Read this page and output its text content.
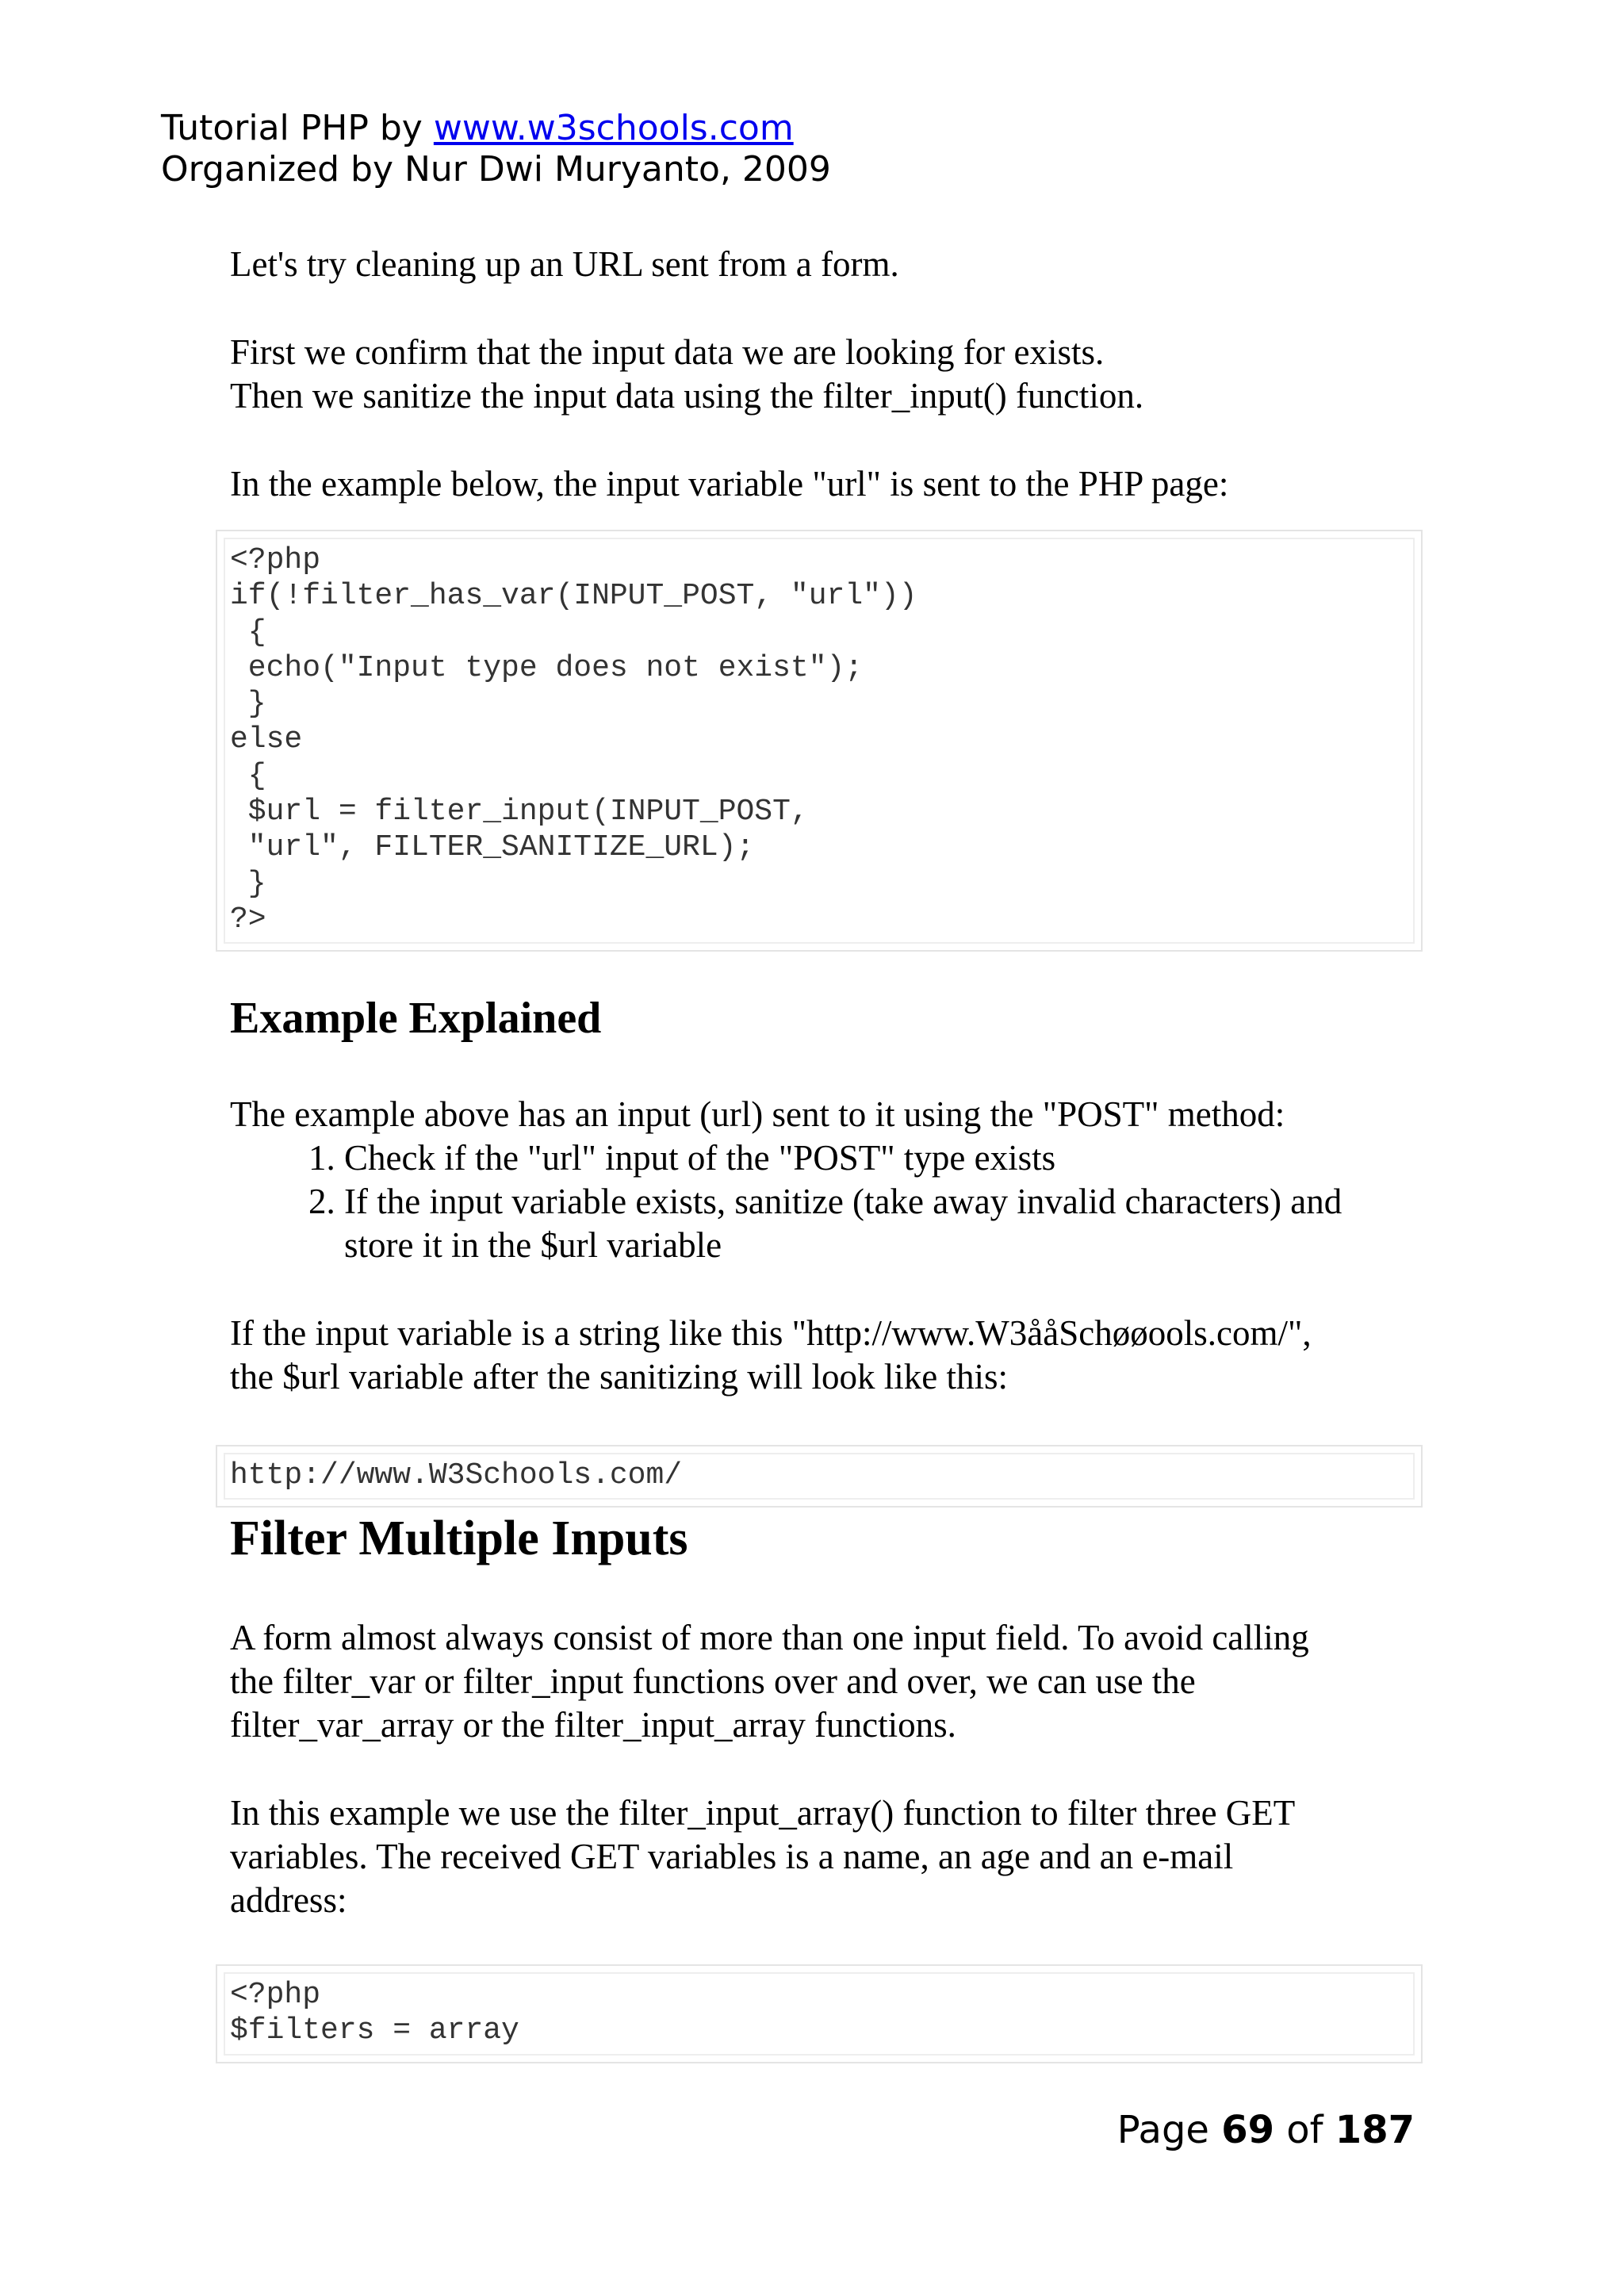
Tutorial PHP by www.w3schools.com
Organized by Nur Dwi Muryanto, 2009

Let's try cleaning up an URL sent from a form.

First we confirm that the input data we are looking for exists.

Then we sanitize the input data using the filter_input() function.

In the example below, the input variable "url" is sent to the PHP page:

<?php
if(!filter_has_var(INPUT_POST, "url"))
{
echo("Input type does not exist");
}
else
{
$url = filter_input(INPUT_POST,
"url", FILTER_SANITIZE_URL);
}
?>
Example Explained

The example above has an input (url) sent to it using the "POST" method:

1. Check if the "url" input of the "POST" type exists
2. If the input variable exists, sanitize (take away invalid characters) and store it in the $url variable

If the input variable is a string like this "http://www.W3ååSchøøools.com/",

the $url variable after the sanitizing will look like this:

http://www.W3Schools.com/
Filter Multiple Inputs

A form almost always consist of more than one input field. To avoid calling

the filter_var or filter_input functions over and over, we can use the

filter_var_array or the filter_input_array functions.

In this example we use the filter_input_array() function to filter three GET

variables. The received GET variables is a name, an age and an e-mail

address:

<?php
$filters = array
Page 69 of 187
